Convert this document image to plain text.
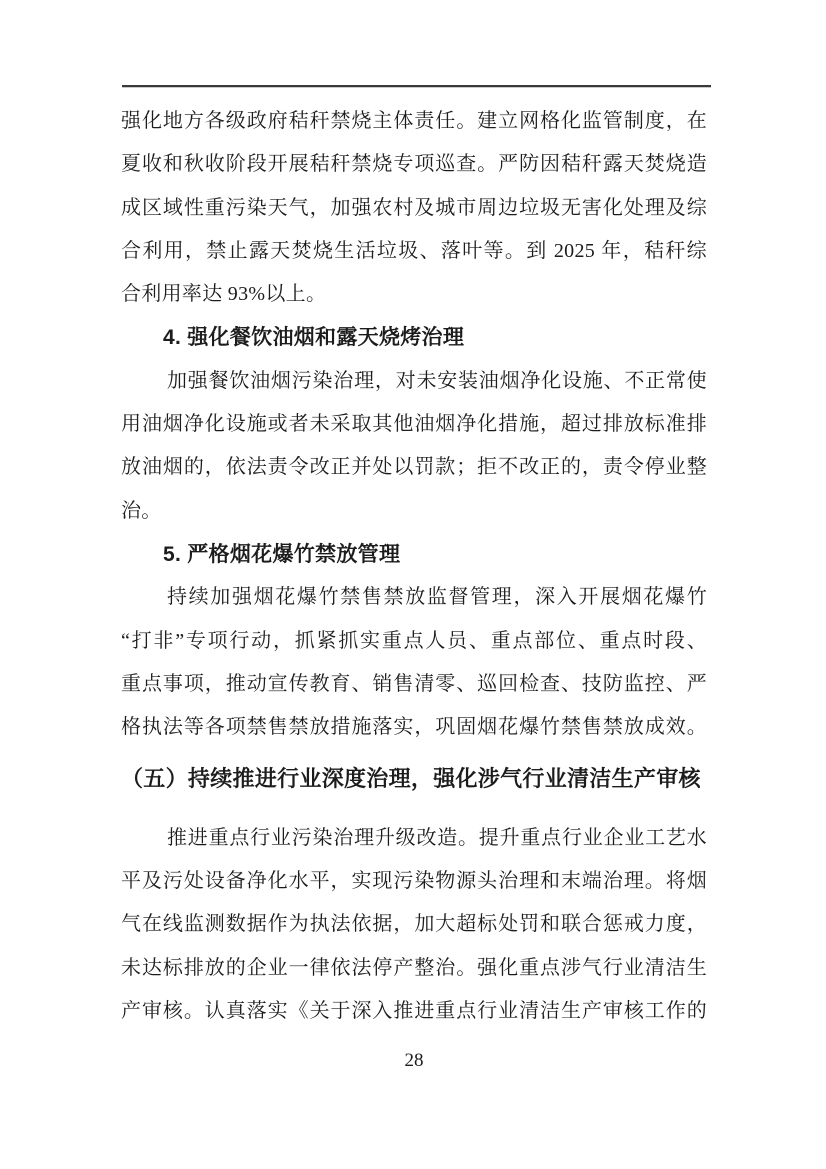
强化地方各级政府秸秆禁烧主体责任。建立网格化监管制度，在
夏收和秋收阶段开展秸秆禁烧专项巡查。严防因秸秆露天焚烧造
成区域性重污染天气，加强农村及城市周边垃圾无害化处理及综
合利用，禁止露天焚烧生活垃圾、落叶等。到 2025 年，秸秆综
合利用率达 93%以上。
4. 强化餐饮油烟和露天烧烤治理
加强餐饮油烟污染治理，对未安装油烟净化设施、不正常使
用油烟净化设施或者未采取其他油烟净化措施，超过排放标准排
放油烟的，依法责令改正并处以罚款；拒不改正的，责令停业整
治。
5. 严格烟花爆竹禁放管理
持续加强烟花爆竹禁售禁放监督管理，深入开展烟花爆竹
“打非”专项行动，抓紧抓实重点人员、重点部位、重点时段、
重点事项，推动宣传教育、销售清零、巡回检查、技防监控、严
格执法等各项禁售禁放措施落实，巩固烟花爆竹禁售禁放成效。
（五）持续推进行业深度治理，强化涉气行业清洁生产审核
推进重点行业污染治理升级改造。提升重点行业企业工艺水
平及污处设备净化水平，实现污染物源头治理和末端治理。将烟
气在线监测数据作为执法依据，加大超标处罚和联合惩戒力度，
未达标排放的企业一律依法停产整治。强化重点涉气行业清洁生
产审核。认真落实《关于深入推进重点行业清洁生产审核工作的
28
